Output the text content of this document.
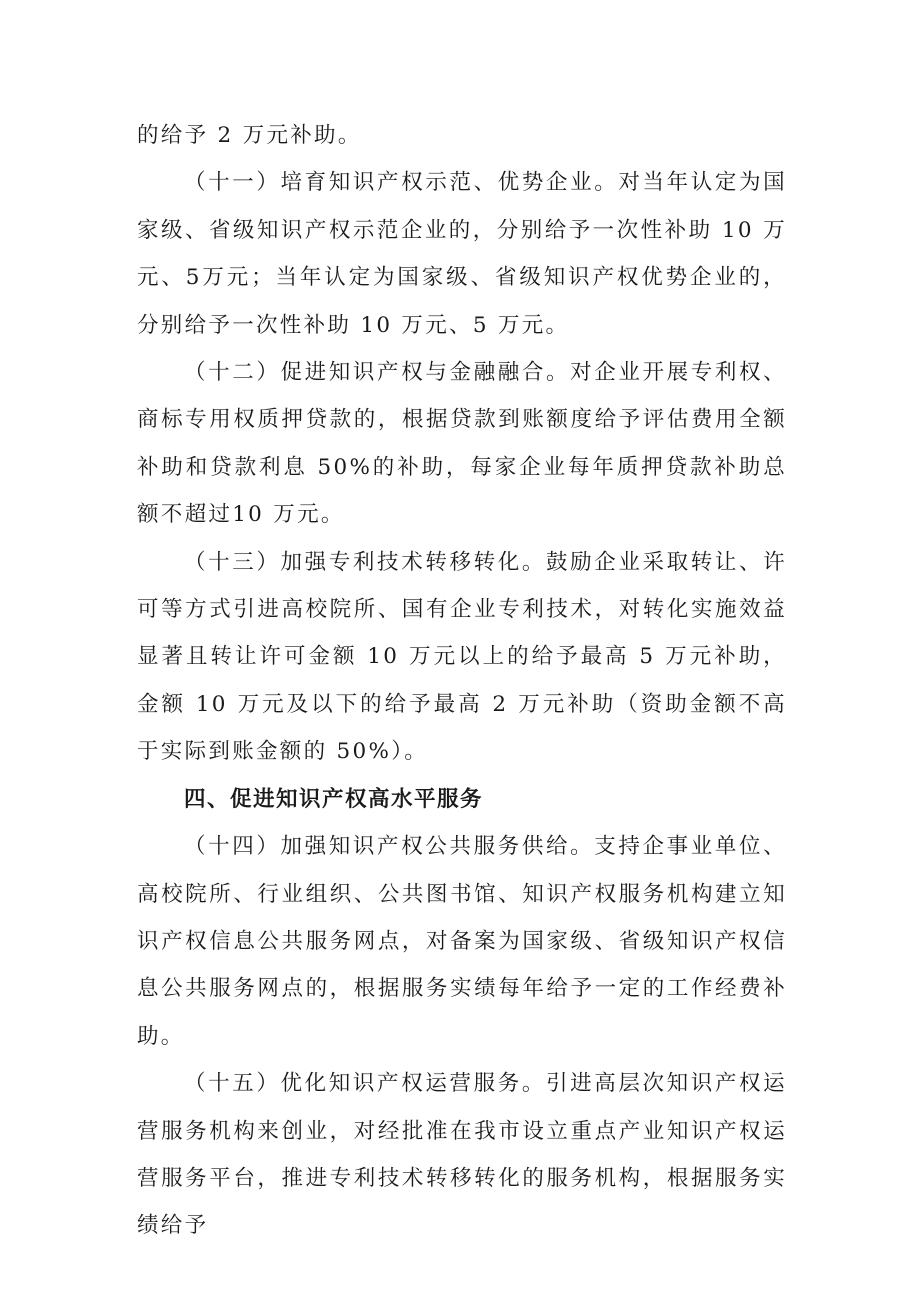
的给予 2 万元补助。

（十一）培育知识产权示范、优势企业。对当年认定为国家级、省级知识产权示范企业的，分别给予一次性补助 10 万元、5万元；当年认定为国家级、省级知识产权优势企业的，分别给予一次性补助 10 万元、5 万元。

（十二）促进知识产权与金融融合。对企业开展专利权、商标专用权质押贷款的，根据贷款到账额度给予评估费用全额补助和贷款利息 50%的补助，每家企业每年质押贷款补助总额不超过10 万元。

（十三）加强专利技术转移转化。鼓励企业采取转让、许可等方式引进高校院所、国有企业专利技术，对转化实施效益显著且转让许可金额 10 万元以上的给予最高 5 万元补助，金额 10 万元及以下的给予最高 2 万元补助（资助金额不高于实际到账金额的 50%）。

四、促进知识产权高水平服务

（十四）加强知识产权公共服务供给。支持企事业单位、高校院所、行业组织、公共图书馆、知识产权服务机构建立知识产权信息公共服务网点，对备案为国家级、省级知识产权信息公共服务网点的，根据服务实绩每年给予一定的工作经费补助。

（十五）优化知识产权运营服务。引进高层次知识产权运营服务机构来创业，对经批准在我市设立重点产业知识产权运营服务平台，推进专利技术转移转化的服务机构，根据服务实绩给予
